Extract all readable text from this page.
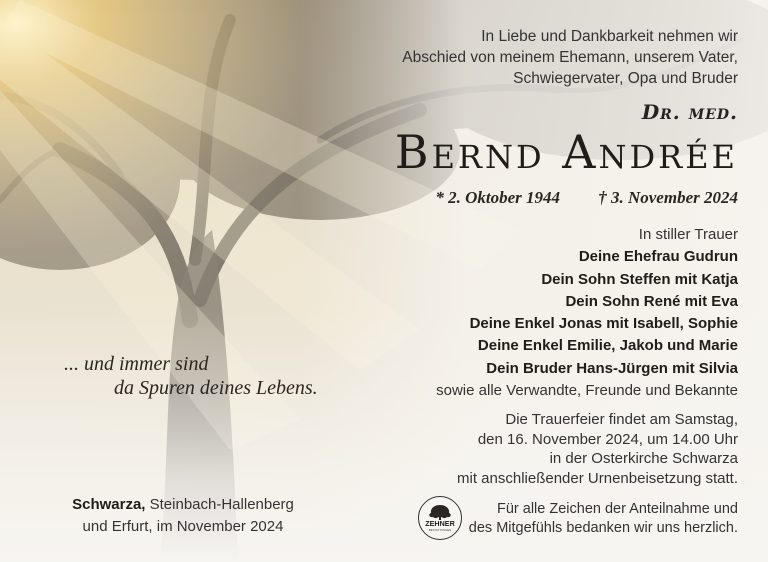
In Liebe und Dankbarkeit nehmen wir
Abschied von meinem Ehemann, unserem Vater,
Schwiegervater, Opa und Bruder
Dr. med.
Bernd Andrée
* 2. Oktober 1944 † 3. November 2024
In stiller Trauer
Deine Ehefrau Gudrun
Dein Sohn Steffen mit Katja
Dein Sohn René mit Eva
Deine Enkel Jonas mit Isabell, Sophie
Deine Enkel Emilie, Jakob und Marie
Dein Bruder Hans-Jürgen mit Silvia
sowie alle Verwandte, Freunde und Bekannte
Die Trauerfeier findet am Samstag,
den 16. November 2024, um 14.00 Uhr
in der Osterkirche Schwarza
mit anschließender Urnenbeisetzung statt.
... und immer sind
da Spuren deines Lebens.
Schwarza, Steinbach-Hallenberg
und Erfurt, im November 2024	ZEHNER
BESTATTUNGEN
Für alle Zeichen der Anteilnahme und
des Mitgefühls bedanken wir uns herzlich.
